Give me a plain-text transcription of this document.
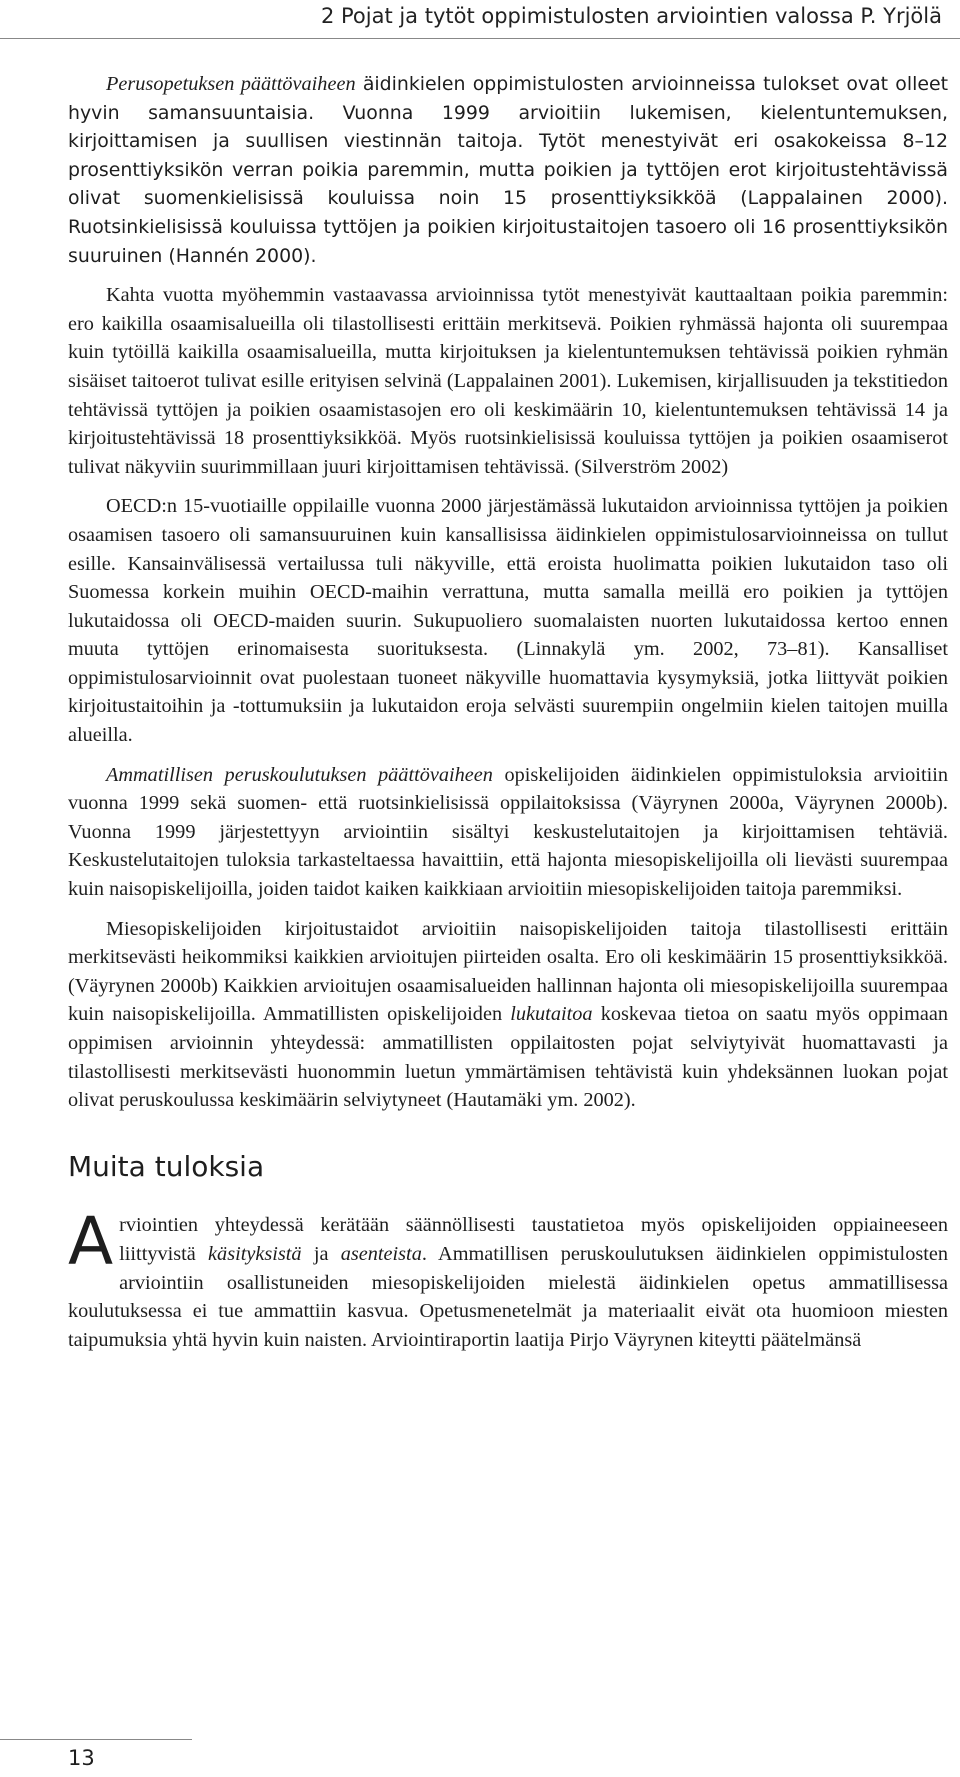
2 Pojat ja tytöt oppimistulosten arviointien valossa P. Yrjölä

Perusopetuksen päättövaiheen äidinkielen oppimistulosten arvioinneissa tulokset ovat olleet hyvin samansuuntaisia. Vuonna 1999 arvioitiin lukemisen, kielentuntemuksen, kirjoittamisen ja suullisen viestinnän taitoja. Tytöt menestyivät eri osakokeissa 8–12 prosenttiyksikön verran poikia paremmin, mutta poikien ja tyttöjen erot kirjoitustehtävissä olivat suomenkielisissä kouluissa noin 15 prosenttiyksikköä (Lappalainen 2000). Ruotsinkielisissä kouluissa tyttöjen ja poikien kirjoitustaitojen tasoero oli 16 prosenttiyksikön suuruinen (Hannén 2000).

Kahta vuotta myöhemmin vastaavassa arvioinnissa tytöt menestyivät kauttaaltaan poikia paremmin: ero kaikilla osaamisalueilla oli tilastollisesti erittäin merkitsevä. Poikien ryhmässä hajonta oli suurempaa kuin tytöillä kaikilla osaamisalueilla, mutta kirjoituksen ja kielentuntemuksen tehtävissä poikien ryhmän sisäiset taitoerot tulivat esille erityisen selvinä (Lappalainen 2001). Lukemisen, kirjallisuuden ja tekstitiedon tehtävissä tyttöjen ja poikien osaamistasojen ero oli keskimäärin 10, kielentuntemuksen tehtävissä 14 ja kirjoitustehtävissä 18 prosenttiyksikköä. Myös ruotsinkielisissä kouluissa tyttöjen ja poikien osaamiserot tulivat näkyviin suurimmillaan juuri kirjoittamisen tehtävissä. (Silverström 2002)

OECD:n 15-vuotiaille oppilaille vuonna 2000 järjestämässä lukutaidon arvioinnissa tyttöjen ja poikien osaamisen tasoero oli samansuuruinen kuin kansallisissa äidinkielen oppimistulosarvioinneissa on tullut esille. Kansainvälisessä vertailussa tuli näkyville, että eroista huolimatta poikien lukutaidon taso oli Suomessa korkein muihin OECD-maihin verrattuna, mutta samalla meillä ero poikien ja tyttöjen lukutaidossa oli OECD-maiden suurin. Sukupuoliero suomalaisten nuorten lukutaidossa kertoo ennen muuta tyttöjen erinomaisesta suorituksesta. (Linnakylä ym. 2002, 73–81). Kansalliset oppimistulosarvioinnit ovat puolestaan tuoneet näkyville huomattavia kysymyksiä, jotka liittyvät poikien kirjoitustaitoihin ja -tottumuksiin ja lukutaidon eroja selvästi suurempiin ongelmiin kielen taitojen muilla alueilla.

Ammatillisen peruskoulutuksen päättövaiheen opiskelijoiden äidinkielen oppimistuloksia arvioitiin vuonna 1999 sekä suomen- että ruotsinkielisissä oppilaitoksissa (Väyrynen 2000a, Väyrynen 2000b). Vuonna 1999 järjestettyyn arviointiin sisältyi keskustelutaitojen ja kirjoittamisen tehtäviä. Keskustelutaitojen tuloksia tarkasteltaessa havaittiin, että hajonta miesopiskelijoilla oli lievästi suurempaa kuin naisopiskelijoilla, joiden taidot kaiken kaikkiaan arvioitiin miesopiskelijoiden taitoja paremmiksi.

Miesopiskelijoiden kirjoitustaidot arvioitiin naisopiskelijoiden taitoja tilastollisesti erittäin merkitsevästi heikommiksi kaikkien arvioitujen piirteiden osalta. Ero oli keskimäärin 15 prosenttiyksikköä. (Väyrynen 2000b) Kaikkien arvioitujen osaamisalueiden hallinnan hajonta oli miesopiskelijoilla suurempaa kuin naisopiskelijoilla. Ammatillisten opiskelijoiden lukutaitoa koskevaa tietoa on saatu myös oppimaan oppimisen arvioinnin yhteydessä: ammatillisten oppilaitosten pojat selviytyivät huomattavasti ja tilastollisesti merkitsevästi huonommin luetun ymmärtämisen tehtävistä kuin yhdeksännen luokan pojat olivat peruskoulussa keskimäärin selviytyneet (Hautamäki ym. 2002).

Muita tuloksia

Arviointien yhteydessä kerätään säännöllisesti taustatietoa myös opiskelijoiden oppiaineeseen liittyvistä käsityksistä ja asenteista. Ammatillisen peruskoulutuksen äidinkielen oppimistulosten arviointiin osallistuneiden miesopiskelijoiden mielestä äidinkielen opetus ammatillisessa koulutuksessa ei tue ammattiin kasvua. Opetusmenetelmät ja materiaalit eivät ota huomioon miesten taipumuksia yhtä hyvin kuin naisten. Arviointiraportin laatija Pirjo Väyrynen kiteytti päätelmänsä

13
